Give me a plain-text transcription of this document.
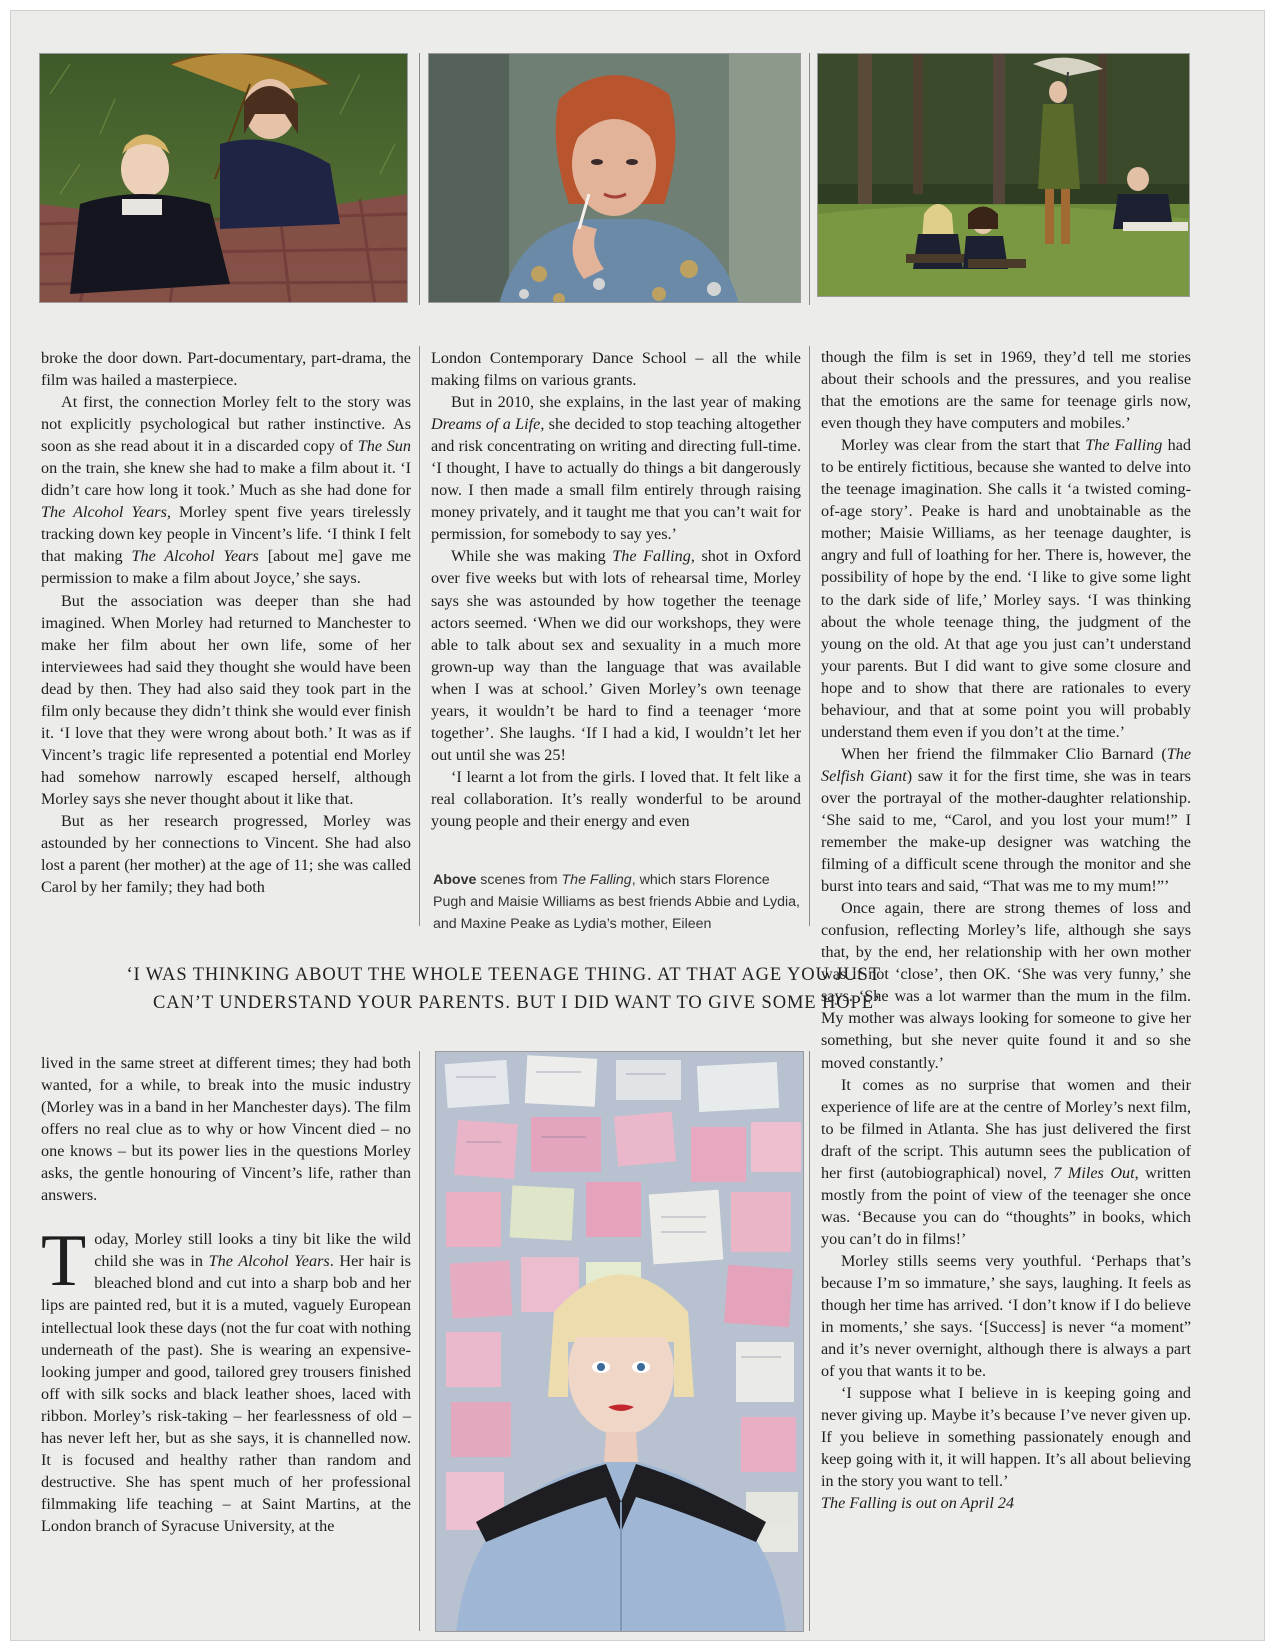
broke the door down. Part-documentary, part-drama, the film was hailed a masterpiece.

At first, the connection Morley felt to the story was not explicitly psychological but rather instinctive. As soon as she read about it in a discarded copy of The Sun on the train, she knew she had to make a film about it. ‘I didn’t care how long it took.’ Much as she had done for The Alcohol Years, Morley spent five years tirelessly tracking down key people in Vincent’s life. ‘I think I felt that making The Alcohol Years [about me] gave me permission to make a film about Joyce,’ she says.

But the association was deeper than she had imagined. When Morley had returned to Manchester to make her film about her own life, some of her interviewees had said they thought she would have been dead by then. They had also said they took part in the film only because they didn’t think she would ever finish it. ‘I love that they were wrong about both.’ It was as if Vincent’s tragic life represented a potential end Morley had somehow narrowly escaped herself, although Morley says she never thought about it like that.

But as her research progressed, Morley was astounded by her connections to Vincent. She had also lost a parent (her mother) at the age of 11; she was called Carol by her family; they had both

London Contemporary Dance School – all the while making films on various grants.

But in 2010, she explains, in the last year of making Dreams of a Life, she decided to stop teaching altogether and risk concentrating on writing and directing full-time. ‘I thought, I have to actually do things a bit dangerously now. I then made a small film entirely through raising money privately, and it taught me that you can’t wait for permission, for somebody to say yes.’

While she was making The Falling, shot in Oxford over five weeks but with lots of rehearsal time, Morley says she was astounded by how together the teenage actors seemed. ‘When we did our workshops, they were able to talk about sex and sexuality in a much more grown-up way than the language that was available when I was at school.’ Given Morley’s own teenage years, it wouldn’t be hard to find a teenager ‘more together’. She laughs. ‘If I had a kid, I wouldn’t let her out until she was 25!

‘I learnt a lot from the girls. I loved that. It felt like a real collaboration. It’s really wonderful to be around young people and their energy and even

Above scenes from The Falling, which stars Florence Pugh and Maisie Williams as best friends Abbie and Lydia, and Maxine Peake as Lydia’s mother, Eileen
‘I WAS THINKING ABOUT THE WHOLE TEENAGE THING. AT THAT AGE YOU JUST
CAN’T UNDERSTAND YOUR PARENTS. BUT I DID WANT TO GIVE SOME HOPE’

lived in the same street at different times; they had both wanted, for a while, to break into the music industry (Morley was in a band in her Manchester days). The film offers no real clue as to why or how Vincent died – no one knows – but its power lies in the questions Morley asks, the gentle honouring of Vincent’s life, rather than answers.

Today, Morley still looks a tiny bit like the wild child she was in The Alcohol Years. Her hair is bleached blond and cut into a sharp bob and her lips are painted red, but it is a muted, vaguely European intellectual look these days (not the fur coat with nothing underneath of the past). She is wearing an expensive-looking jumper and good, tailored grey trousers finished off with silk socks and black leather shoes, laced with ribbon. Morley’s risk-taking – her fearlessness of old – has never left her, but as she says, it is channelled now. It is focused and healthy rather than random and destructive. She has spent much of her professional filmmaking life teaching – at Saint Martins, at the London branch of Syracuse University, at the

though the film is set in 1969, they’d tell me stories about their schools and the pressures, and you realise that the emotions are the same for teenage girls now, even though they have computers and mobiles.’

Morley was clear from the start that The Falling had to be entirely fictitious, because she wanted to delve into the teenage imagination. She calls it ‘a twisted coming-of-age story’. Peake is hard and unobtainable as the mother; Maisie Williams, as her teenage daughter, is angry and full of loathing for her. There is, however, the possibility of hope by the end. ‘I like to give some light to the dark side of life,’ Morley says. ‘I was thinking about the whole teenage thing, the judgment of the young on the old. At that age you just can’t understand your parents. But I did want to give some closure and hope and to show that there are rationales to every behaviour, and that at some point you will probably understand them even if you don’t at the time.’

When her friend the filmmaker Clio Barnard (The Selfish Giant) saw it for the first time, she was in tears over the portrayal of the mother-daughter relationship. ‘She said to me, “Carol, and you lost your mum!” I remember the make-up designer was watching the filming of a difficult scene through the monitor and she burst into tears and said, “That was me to my mum!”’

Once again, there are strong themes of loss and confusion, reflecting Morley’s life, although she says that, by the end, her relationship with her own mother was if not ‘close’, then OK. ‘She was very funny,’ she says. ‘She was a lot warmer than the mum in the film. My mother was always looking for someone to give her something, but she never quite found it and so she moved constantly.’

It comes as no surprise that women and their experience of life are at the centre of Morley’s next film, to be filmed in Atlanta. She has just delivered the first draft of the script. This autumn sees the publication of her first (autobiographical) novel, 7 Miles Out, written mostly from the point of view of the teenager she once was. ‘Because you can do “thoughts” in books, which you can’t do in films!’

Morley stills seems very youthful. ‘Perhaps that’s because I’m so immature,’ she says, laughing. It feels as though her time has arrived. ‘I don’t know if I do believe in moments,’ she says. ‘[Success] is never “a moment” and it’s never overnight, although there is always a part of you that wants it to be.

‘I suppose what I believe in is keeping going and never giving up. Maybe it’s because I’ve never given up. If you believe in something passionately enough and keep going with it, it will happen. It’s all about believing in the story you want to tell.’

The Falling is out on April 24
